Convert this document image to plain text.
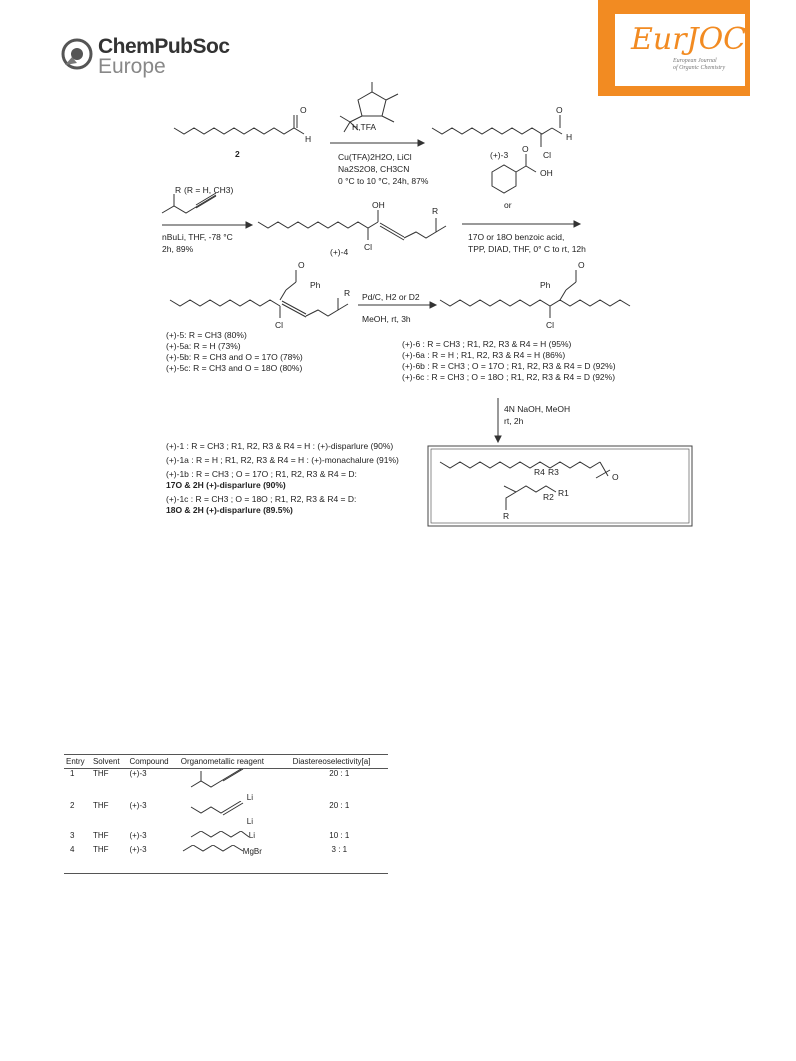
ChemPubSoc
Europe
EurJOC
European Journal
of Organic Chemistry
2
O
H
H,TFA
Cu(TFA)2H2O, LiCl
Na2S2O8, CH3CN
0 °C to 10 °C, 24h, 87%
(+)-3	Cl
O
H
R (R = H, CH3)
nBuLi, THF, -78 °C
2h, 89%	(+)-4
OH
Cl
R
OH
O
or
17O or 18O benzoic acid,
TPP, DIAD, THF, 0° C to rt, 12h
O
Ph
R
Cl
Pd/C, H2 or D2
MeOH, rt, 3h
O
Ph
Cl
4N NaOH, MeOH
rt, 2h
R4 R3
R2 R1
O
R
(+)-5: R = CH3 (80%)
(+)-5a: R = H (73%)
(+)-5b: R = CH3 and O = 17O (78%)
(+)-5c: R = CH3 and O = 18O (80%)
(+)-6 : R = CH3 ; R1, R2, R3 & R4 = H (95%)
(+)-6a : R = H ; R1, R2, R3 & R4 = H (86%)
(+)-6b : R = CH3 ; O = 17O ; R1, R2, R3 & R4 = D (92%)
(+)-6c : R = CH3 ; O = 18O ; R1, R2, R3 & R4 = D (92%)
(+)-1 : R = CH3 ; R1, R2, R3 & R4 = H : (+)-disparlure (90%)
(+)-1a : R = H ; R1, R2, R3 & R4 = H : (+)-monachalure (91%)
(+)-1b : R = CH3 ; O = 17O ; R1, R2, R3 & R4 = D:
17O & 2H (+)-disparlure (90%)
(+)-1c : R = CH3 ; O = 18O ; R1, R2, R3 & R4 = D:
18O & 2H (+)-disparlure (89.5%)
Entry	Solvent	Compound	Organometallic reagent	Diastereoselectivity[a]
1	THF	(+)-3	Li	20 : 1
2	THF	(+)-3	Li	20 : 1
3	THF	(+)-3	Li	10 : 1
4	THF	(+)-3	MgBr	3 : 1
